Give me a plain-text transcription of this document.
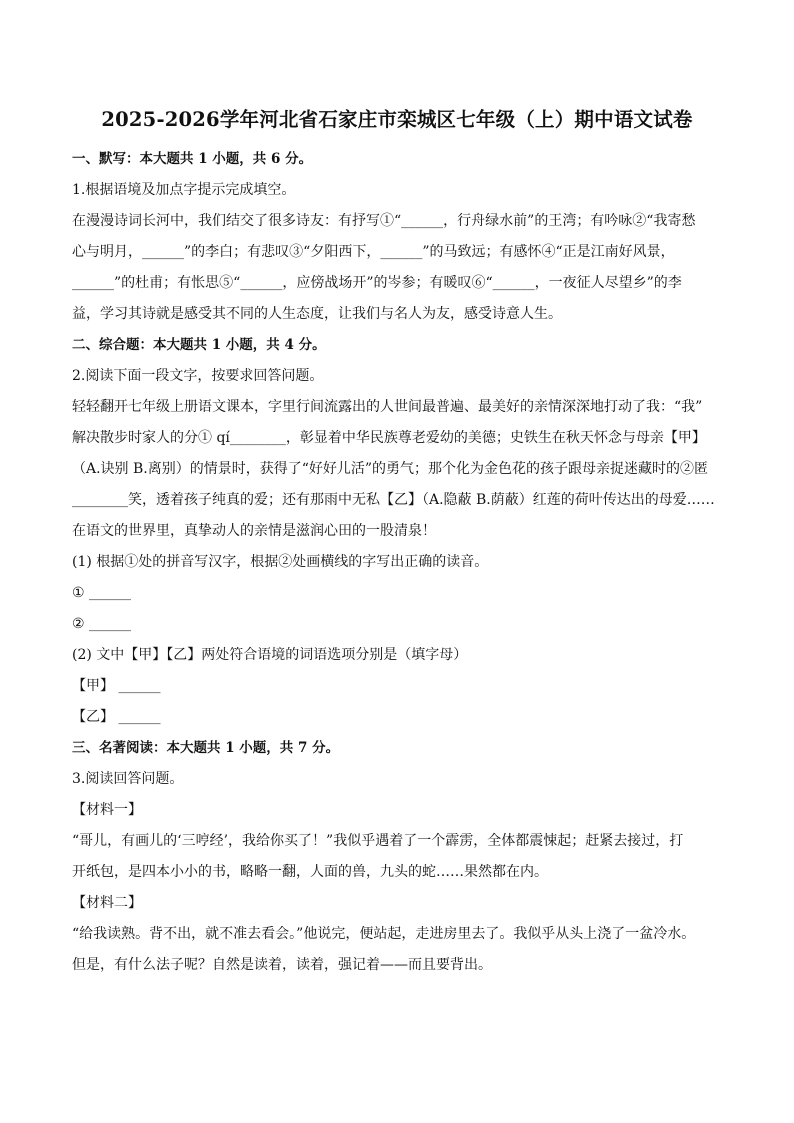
2025-2026学年河北省石家庄市栾城区七年级（上）期中语文试卷
一、默写：本大题共 1 小题，共 6 分。
1.根据语境及加点字提示完成填空。
在漫漫诗词长河中，我们结交了很多诗友：有抒写①“______，行舟绿水前”的王湾；有吟咏②“我寄愁
心与明月，______”的李白；有悲叹③“夕阳西下，______”的马致远；有感怀④“正是江南好风景，
______”的杜甫；有怅思⑤“______，应傍战场开”的岑参；有暖叹⑥“______，一夜征人尽望乡”的李
益，学习其诗就是感受其不同的人生态度，让我们与名人为友，感受诗意人生。
二、综合题：本大题共 1 小题，共 4 分。
2.阅读下面一段文字，按要求回答问题。
轻轻翻开七年级上册语文课本，字里行间流露出的人世间最普遍、最美好的亲情深深地打动了我：“我”
解决散步时家人的分① qí________，彰显着中华民族尊老爱幼的美德；史铁生在秋天怀念与母亲【甲】
（A.诀别 B.离别）的情景时，获得了“好好儿活”的勇气；那个化为金色花的孩子跟母亲捉迷藏时的②匿
________笑，透着孩子纯真的爱；还有那雨中无私【乙】（A.隐蔽 B.荫蔽）红莲的荷叶传达出的母爱……
在语文的世界里，真挚动人的亲情是滋润心田的一股清泉！
(1) 根据①处的拼音写汉字，根据②处画横线的字写出正确的读音。
① ______
② ______
(2) 文中【甲】【乙】两处符合语境的词语选项分别是（填字母）
【甲】 ______
【乙】 ______
三、名著阅读：本大题共 1 小题，共 7 分。
3.阅读回答问题。
【材料一】
“哥儿，有画儿的‘三哼经’，我给你买了！”我似乎遇着了一个霹雳，全体都震悚起；赶紧去接过，打
开纸包，是四本小小的书，略略一翻，人面的兽，九头的蛇……果然都在内。
【材料二】
“给我读熟。背不出，就不准去看会。”他说完，便站起，走进房里去了。我似乎从头上浇了一盆冷水。
但是，有什么法子呢？自然是读着，读着，强记着——而且要背出。
